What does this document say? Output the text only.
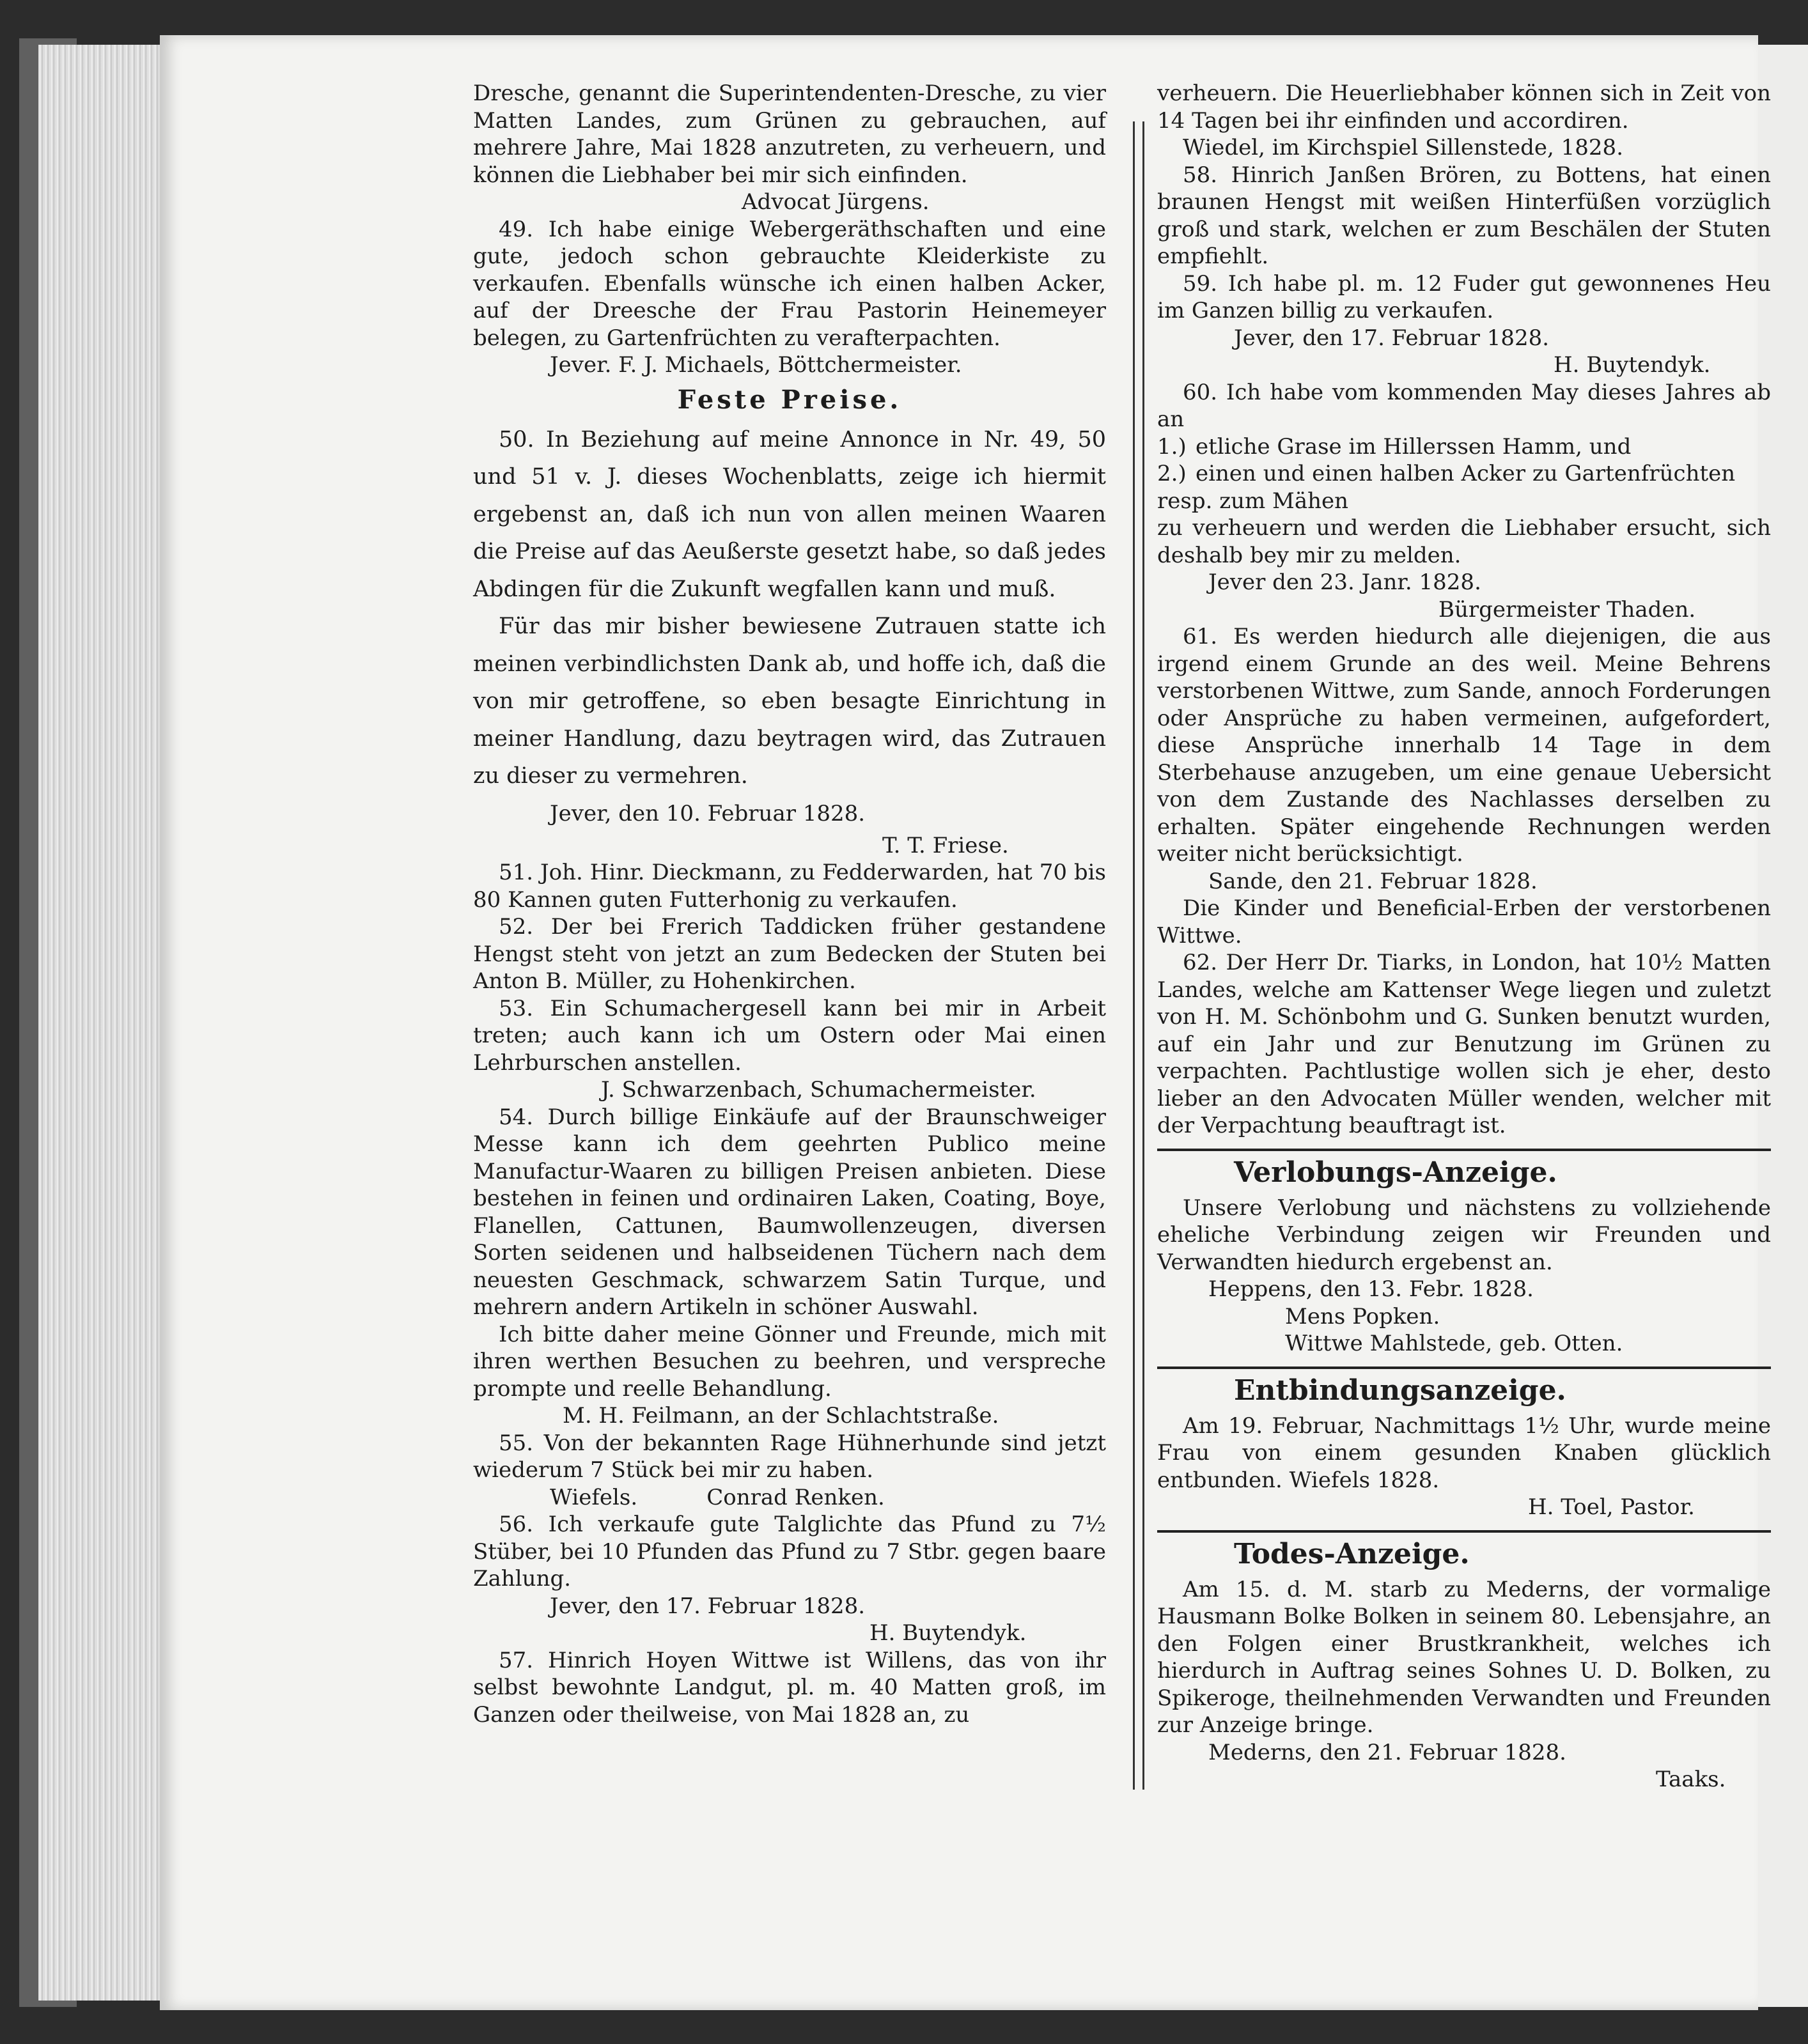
Dresche, genannt die Superintendenten-Dresche, zu vier Matten Landes, zum Grünen zu gebrauchen, auf mehrere Jahre, Mai 1828 anzutreten, zu verheuern, und können die Liebhaber bei mir sich einfinden.

Advocat Jürgens.

49. Ich habe einige Webergeräthschaften und eine gute, jedoch schon gebrauchte Kleiderkiste zu verkaufen. Ebenfalls wünsche ich einen halben Acker, auf der Dreesche der Frau Pastorin Heinemeyer belegen, zu Gartenfrüchten zu verafterpachten.

Jever. F. J. Michaels, Böttchermeister.
Feste Preise.

50. In Beziehung auf meine Annonce in Nr. 49, 50 und 51 v. J. dieses Wochenblatts, zeige ich hiermit ergebenst an, daß ich nun von allen meinen Waaren die Preise auf das Aeußerste gesetzt habe, so daß jedes Abdingen für die Zukunft wegfallen kann und muß.

Für das mir bisher bewiesene Zutrauen statte ich meinen verbindlichsten Dank ab, und hoffe ich, daß die von mir getroffene, so eben besagte Einrichtung in meiner Handlung, dazu beytragen wird, das Zutrauen zu dieser zu vermehren.

Jever, den 10. Februar 1828.
T. T. Friese.

51. Joh. Hinr. Dieckmann, zu Fedderwarden, hat 70 bis 80 Kannen guten Futterhonig zu verkaufen.

52. Der bei Frerich Taddicken früher gestandene Hengst steht von jetzt an zum Bedecken der Stuten bei Anton B. Müller, zu Hohenkirchen.

53. Ein Schumachergesell kann bei mir in Arbeit treten; auch kann ich um Ostern oder Mai einen Lehrburschen anstellen.

J. Schwarzenbach, Schumachermeister.

54. Durch billige Einkäufe auf der Braunschweiger Messe kann ich dem geehrten Publico meine Manufactur-Waaren zu billigen Preisen anbieten. Diese bestehen in feinen und ordinairen Laken, Coating, Boye, Flanellen, Cattunen, Baumwollenzeugen, diversen Sorten seidenen und halbseidenen Tüchern nach dem neuesten Geschmack, schwarzem Satin Turque, und mehrern andern Artikeln in schöner Auswahl.

Ich bitte daher meine Gönner und Freunde, mich mit ihren werthen Besuchen zu beehren, und verspreche prompte und reelle Behandlung.

M. H. Feilmann, an der Schlachtstraße.

55. Von der bekannten Rage Hühnerhunde sind jetzt wiederum 7 Stück bei mir zu haben.

Wiefels.          Conrad Renken.

56. Ich verkaufe gute Talglichte das Pfund zu 7½ Stüber, bei 10 Pfunden das Pfund zu 7 Stbr. gegen baare Zahlung.

Jever, den 17. Februar 1828.
H. Buytendyk.

57. Hinrich Hoyen Wittwe ist Willens, das von ihr selbst bewohnte Landgut, pl. m. 40 Matten groß, im Ganzen oder theilweise, von Mai 1828 an, zu

verheuern. Die Heuerliebhaber können sich in Zeit von 14 Tagen bei ihr einfinden und accordiren.

Wiedel, im Kirchspiel Sillenstede, 1828.

58. Hinrich Janßen Brören, zu Bottens, hat einen braunen Hengst mit weißen Hinterfüßen vorzüglich groß und stark, welchen er zum Beschälen der Stuten empfiehlt.

59. Ich habe pl. m. 12 Fuder gut gewonnenes Heu im Ganzen billig zu verkaufen.

Jever, den 17. Februar 1828.
H. Buytendyk.

60. Ich habe vom kommenden May dieses Jahres ab an

1.) etliche Grase im Hillerssen Hamm, und
2.) einen und einen halben Acker zu Gartenfrüchten resp. zum Mähen

zu verheuern und werden die Liebhaber ersucht, sich deshalb bey mir zu melden.

Jever den 23. Janr. 1828.
Bürgermeister Thaden.

61. Es werden hiedurch alle diejenigen, die aus irgend einem Grunde an des weil. Meine Behrens verstorbenen Wittwe, zum Sande, annoch Forderungen oder Ansprüche zu haben vermeinen, aufgefordert, diese Ansprüche innerhalb 14 Tage in dem Sterbehause anzugeben, um eine genaue Uebersicht von dem Zustande des Nachlasses derselben zu erhalten. Später eingehende Rechnungen werden weiter nicht berücksichtigt.

Sande, den 21. Februar 1828.

Die Kinder und Beneficial-Erben der verstorbenen Wittwe.

62. Der Herr Dr. Tiarks, in London, hat 10½ Matten Landes, welche am Kattenser Wege liegen und zuletzt von H. M. Schönbohm und G. Sunken benutzt wurden, auf ein Jahr und zur Benutzung im Grünen zu verpachten. Pachtlustige wollen sich je eher, desto lieber an den Advocaten Müller wenden, welcher mit der Verpachtung beauftragt ist.

Verlobungs-Anzeige.

Unsere Verlobung und nächstens zu vollziehende eheliche Verbindung zeigen wir Freunden und Verwandten hiedurch ergebenst an.

Heppens, den 13. Febr. 1828.
Mens Popken.
Wittwe Mahlstede, geb. Otten.
Entbindungsanzeige.

Am 19. Februar, Nachmittags 1½ Uhr, wurde meine Frau von einem gesunden Knaben glücklich entbunden. Wiefels 1828.

H. Toel, Pastor.
Todes-Anzeige.

Am 15. d. M. starb zu Mederns, der vormalige Hausmann Bolke Bolken in seinem 80. Lebensjahre, an den Folgen einer Brustkrankheit, welches ich hierdurch in Auftrag seines Sohnes U. D. Bolken, zu Spikeroge, theilnehmenden Verwandten und Freunden zur Anzeige bringe.

Mederns, den 21. Februar 1828.
Taaks.
